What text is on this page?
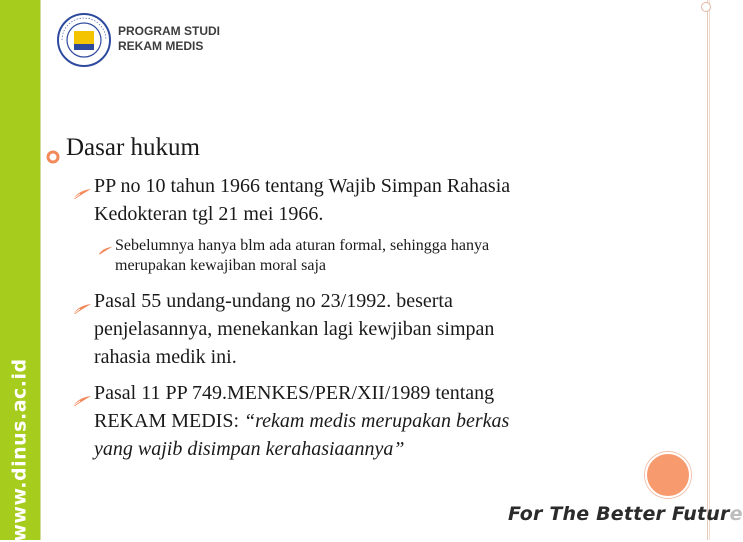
www.dinus.ac.id
PROGRAM STUDI
REKAM MEDIS
Dasar hukum
PP no 10 tahun 1966 tentang Wajib Simpan Rahasia
Kedokteran tgl 21 mei 1966.
Sebelumnya hanya blm ada aturan formal, sehingga hanya
merupakan kewajiban moral saja
Pasal 55 undang-undang no 23/1992. beserta
penjelasannya, menekankan lagi kewjiban simpan
rahasia medik ini.
Pasal 11 PP 749.MENKES/PER/XII/1989 tentang
REKAM MEDIS: “rekam medis merupakan berkas
yang wajib disimpan kerahasiaannya”
For The Better Future
